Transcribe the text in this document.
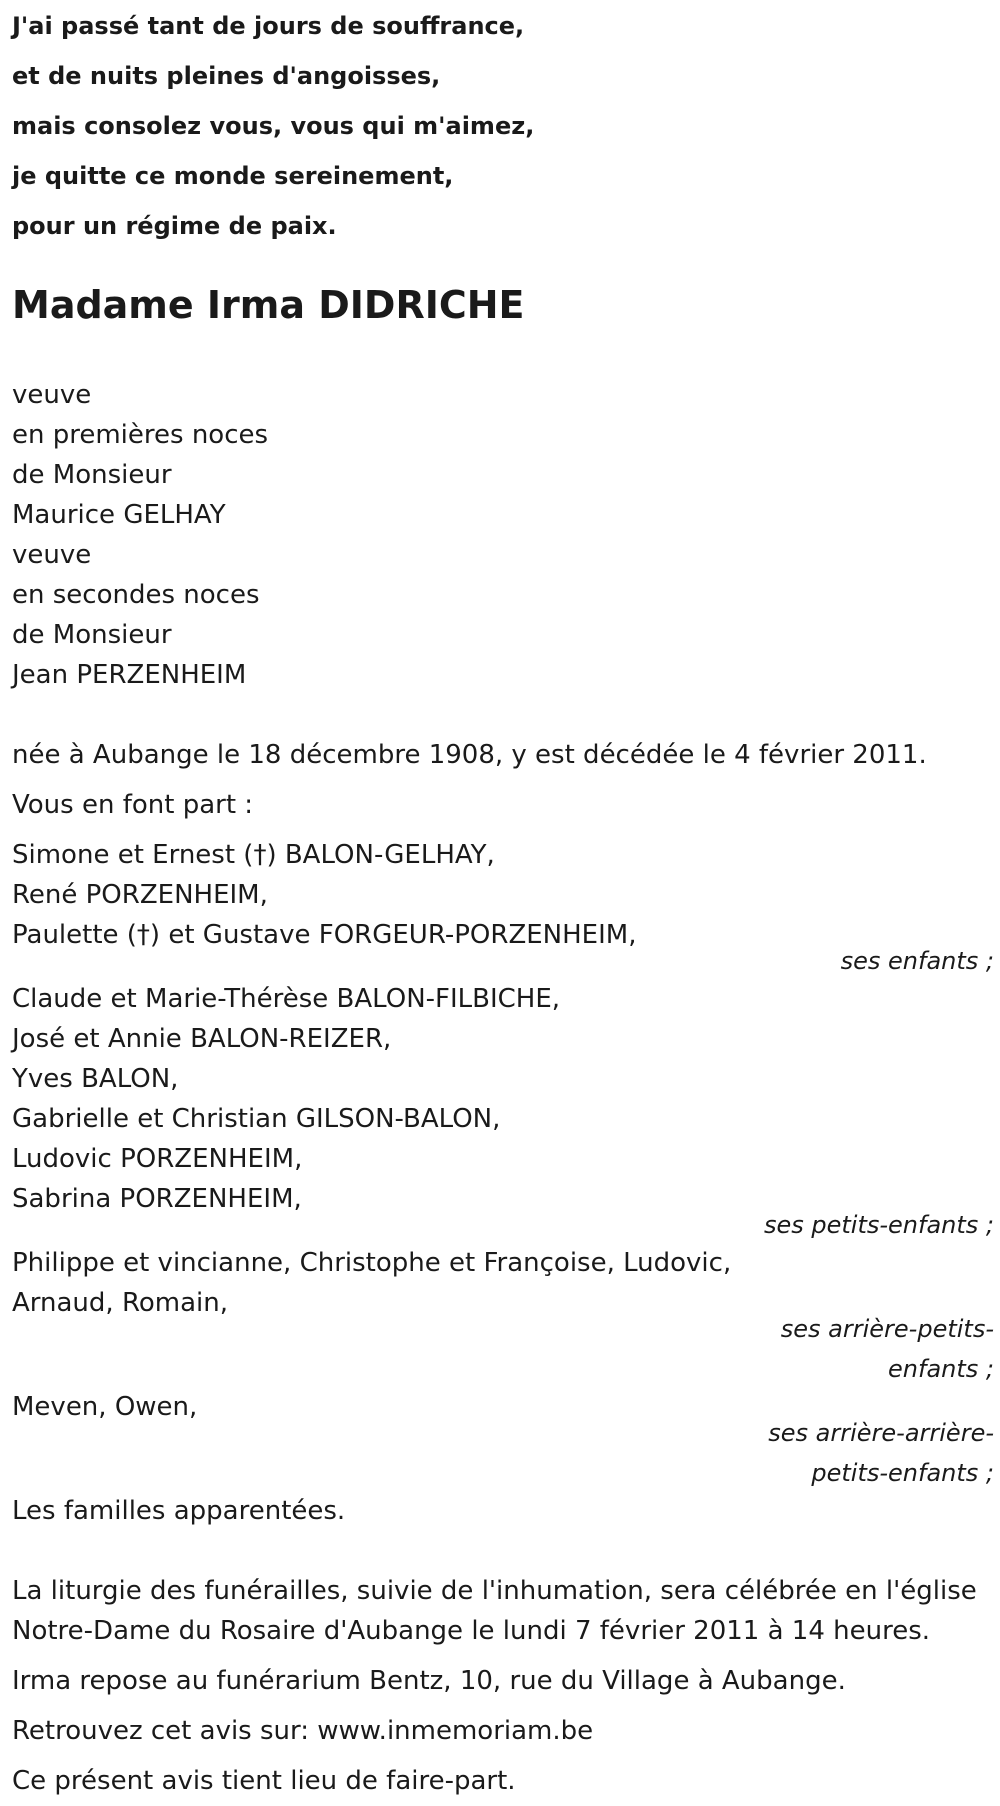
J'ai passé tant de jours de souffrance,
et de nuits pleines d'angoisses,
mais consolez vous, vous qui m'aimez,
je quitte ce monde sereinement,
pour un régime de paix.
Madame Irma DIDRICHE
veuve
en premières noces
de Monsieur
Maurice GELHAY
veuve
en secondes noces
de Monsieur
Jean PERZENHEIM
née à Aubange le 18 décembre 1908, y est décédée le 4 février 2011.
Vous en font part :
Simone et Ernest (†) BALON-GELHAY,
René PORZENHEIM,
Paulette (†) et Gustave FORGEUR-PORZENHEIM,
ses enfants ;
Claude et Marie-Thérèse BALON-FILBICHE,
José et Annie BALON-REIZER,
Yves BALON,
Gabrielle et Christian GILSON-BALON,
Ludovic PORZENHEIM,
Sabrina PORZENHEIM,
ses petits-enfants ;
Philippe et vincianne, Christophe et Françoise, Ludovic,
Arnaud, Romain,
ses arrière-petits-
enfants ;
Meven, Owen,
ses arrière-arrière-
petits-enfants ;
Les familles apparentées.
La liturgie des funérailles, suivie de l'inhumation, sera célébrée en l'église
Notre-Dame du Rosaire d'Aubange le lundi 7 février 2011 à 14 heures.
Irma repose au funérarium Bentz, 10, rue du Village à Aubange.
Retrouvez cet avis sur: www.inmemoriam.be
Ce présent avis tient lieu de faire-part.
